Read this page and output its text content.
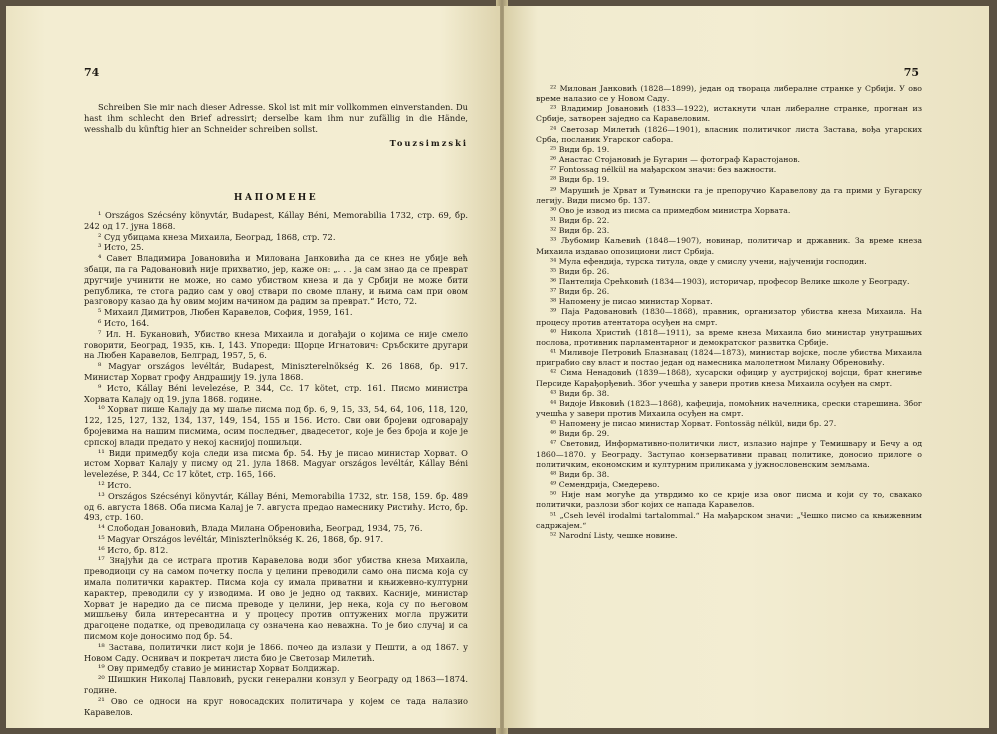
74

Schreiben Sie mir nach dieser Adresse. Skol ist mit mir vollkommen einverstanden. Du hast ihm schlecht den Brief adressirt; derselbe kam ihm nur zufällig in die Hände, wesshalb du künftig hier an Schneider schreiben sollst.

Touzsimzski

НАПОМЕНЕ

¹ Országos Szécsény könyvtár, Budapest, Kállay Béni, Memorabilia 1732, стр. 69, бр. 242 од 17. јуна 1868.

² Суд убицама кнеза Михаила, Београд, 1868, стр. 72.

³ Исто, 25.

⁴ Савет Владимира Јовановића и Милована Јанковића да се кнез не убије већ збаци, па га Радовановић није прихватио, јер, каже он: „. . . ја сам знао да се преврат другчије учинити не може, но само убиством кнеза и да у Србији не може бити република, те стога радио сам у овој ствари по своме плану, и њима сам при овом разговору казао да ћу овим мојим начином да радим за преврат.“ Исто, 72.

⁵ Михаил Димитров, Любен Каравелов, София, 1959, 161.

⁶ Исто, 164.

⁷ Ил. Н. Букановић, Убиство кнеза Михаила и догађаји о којима се није смело говорити, Београд, 1935, књ. I, 143. Упореди: Щорце Игнатович: Сръбските другари на Любен Каравелов, Белград, 1957, 5, 6.

⁸ Magyar országos levéltár, Budapest, Miniszterelnökség K. 26 1868, бр. 917. Министар Хорват грофу Андрашију 19. јула 1868.

⁹ Исто, Kállay Béni levelezése, P. 344, Cc. 17 kötet, стр. 161. Писмо министра Хорвата Калају од 19. јула 1868. године.

¹⁰ Хорват пише Калају да му шаље писма под бр. 6, 9, 15, 33, 54, 64, 106, 118, 120, 122, 125, 127, 132, 134, 137, 149, 154, 155 и 156. Исто. Сви ови бројеви одговарају бројевима на нашим писмима, осим последњег, двадесетог, које је без броја и које је српској влади предато у некој каснијој пошиљци.

¹¹ Види примедбу која следи иза писма бр. 54. Њу је писао министар Хорват. О истом Хорват Калају у писму од 21. јула 1868. Magyar országos levéltár, Kállay Béni levelezése, P. 344, Cc 17 kötet, стр. 165, 166.

¹² Исто.

¹³ Országos Szécsényi könyvtár, Kállay Béni, Memorabilia 1732, str. 158, 159. бр. 489 од 6. августа 1868. Оба писма Калај је 7. августа предао намеснику Ристићу. Исто, бр. 493, стр. 160.

¹⁴ Слободан Јовановић, Влада Милана Обреновића, Београд, 1934, 75, 76.

¹⁵ Magyar Országos levéltár, Miniszterlnökség K. 26, 1868, бр. 917.

¹⁶ Исто, бр. 812.

¹⁷ Знајући да се истрага против Каравелова води због убиства кнеза Михаила, преводиоци су на самом почетку посла у целини преводили само она писма која су имала политички карактер. Писма која су имала приватни и књижевно-културни карактер, преводили су у изводима. И ово је једно од таквих. Касније, министар Хорват је наредио да се писма преводе у целини, јер нека, која су по његовом мишљењу била интересантна и у процесу против оптужених могла пружити драгоцене податке, од преводилаца су означена као неважна. То је био случај и са писмом које доносимо под бр. 54.

¹⁸ Застава, политички лист који је 1866. почео да излази у Пешти, а од 1867. у Новом Саду. Оснивач и покретач листа био је Светозар Милетић.

¹⁹ Ову примедбу ставио је министар Хорват Болдижар.

²⁰ Шишкин Николај Павловић, руски генерални конзул у Београду од 1863—1874. године.

²¹ Ово се односи на круг новосадских политичара у којем се тада налазио Каравелов.

75

²² Милован Јанковић (1828—1899), један од твораца либералне странке у Србији. У ово време налазио се у Новом Саду.

²³ Владимир Јовановић (1833—1922), истакнути члан либералне странке, прогнан из Србије, затворен заједно са Каравеловим.

²⁴ Светозар Милетић (1826—1901), власник политичког листа Застава, вођа угарских Срба, посланик Угарског сабора.

²⁵ Види бр. 19.

²⁶ Анастас Стојановић је Бугарин — фотограф Карастојанов.

²⁷ Fontossag nélkül на мађарском значи: без важности.

²⁸ Види бр. 19.

²⁹ Марушић је Хрват и Туњински га је препоручио Каравелову да га прими у Бугарску легију. Види писмо бр. 137.

³⁰ Ово је извод из писма са примедбом министра Хорвата.

³¹ Види бр. 22.

³² Види бр. 23.

³³ Љубомир Каљевић (1848—1907), новинар, политичар и државник. За време кнеза Михаила издавао опозициони лист Србија.

³⁴ Мула ефендија, турска титула, овде у смислу учени, најученији господин.

³⁵ Види бр. 26.

³⁶ Пантелија Срећковић (1834—1903), историчар, професор Велике школе у Београду.

³⁷ Види бр. 26.

³⁸ Напомену је писао министар Хорват.

³⁹ Паја Радовановић (1830—1868), правник, организатор убиства кнеза Михаила. На процесу против атентатора осуђен на смрт.

⁴⁰ Никола Христић (1818—1911), за време кнеза Михаила био министар унутрашњих послова, противник парламентарног и демократског развитка Србије.

⁴¹ Миливоје Петровић Блазнавац (1824—1873), министар војске, после убиства Михаила приграбио сву власт и постао један од намесника малолетном Милану Обреновићу.

⁴² Сима Ненадовић (1839—1868), хусарски официр у аустријској војсци, брат кнегиње Персиде Карађорђевић. Због учешћа у завери против кнеза Михаила осуђен на смрт.

⁴³ Види бр. 38.

⁴⁴ Видоје Ивковић (1823—1868), кафеџија, помоћник начелника, срески старешина. Због учешћа у завери против Михаила осуђен на смрт.

⁴⁵ Напомену је писао министар Хорват. Fontossäg nélkül, види бр. 27.

⁴⁶ Види бр. 29.

⁴⁷ Световид, Информативно-политички лист, излазио најпре у Темишвару и Бечу а од 1860—1870. у Београду. Заступао конзервативни правац политике, доносио прилоге о политичким, економским и културним приликама у јужнословенским земљама.

⁴⁸ Види бр. 38.

⁴⁹ Семендрија, Смедерево.

⁵⁰ Није нам могуће да утврдимо ко се крије иза овог писма и који су то, свакако политички, разлози због којих се напада Каравелов.

⁵¹ „Cseh levél irodalmi tartalommal.“ На мађарском значи: „Чешко писмо са књижевним садржајем.“

⁵² Narodní Listy, чешке новине.
